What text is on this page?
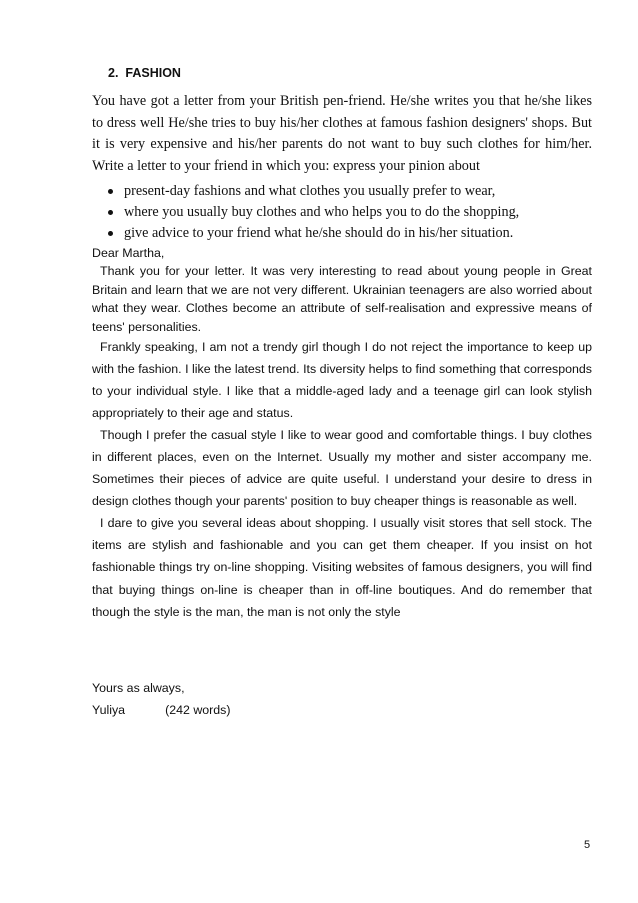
2. FASHION

You have got a letter from your British pen-friend. He/she writes you that he/she likes to dress well He/she tries to buy his/her clothes at famous fashion designers' shops. But it is very expensive and his/her parents do not want to buy such clothes for him/her. Write a letter to your friend in which you: express your pinion about

present-day fashions and what clothes you usually prefer to wear,
where you usually buy clothes and who helps you to do the shopping,
give advice to your friend what he/she should do in his/her situation.

Dear Martha,

Thank you for your letter. It was very interesting to read about young people in Great Britain and learn that we are not very different. Ukrainian teenagers are also worried about what they wear. Clothes become an attribute of self-realisation and expressive means of teens' personalities.

Frankly speaking, I am not a trendy girl though I do not reject the importance to keep up with the fashion. I like the latest trend. Its diversity helps to find something that corresponds to your individual style. I like that a middle-aged lady and a teenage girl can look stylish appropriately to their age and status.

Though I prefer the casual style I like to wear good and comfortable things. I buy clothes in different places, even on the Internet. Usually my mother and sister accompany me. Sometimes their pieces of advice are quite useful. I understand your desire to dress in design clothes though your parents' position to buy cheaper things is reasonable as well.

I dare to give you several ideas about shopping. I usually visit stores that sell stock. The items are stylish and fashionable and you can get them cheaper. If you insist on hot fashionable things try on-line shopping. Visiting websites of famous designers, you will find that buying things on-line is cheaper than in off-line boutiques. And do remember that though the style is the man, the man is not only the style

Yours as always,
Yuliya	(242 words)

5
